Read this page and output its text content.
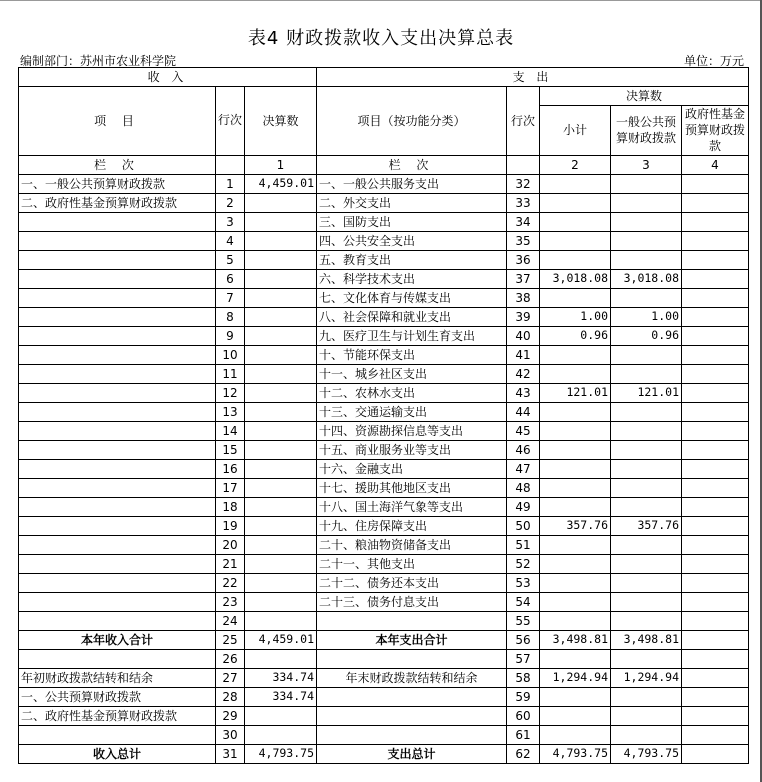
表4 财政拨款收入支出决算总表
编制部门：苏州市农业科学院	单位：万元
收 入			支 出				
项 目	行次	决算数	项目（按功能分类）	行次	决算数		
					小计	一般公共预算财政拨款	政府性基金预算财政拨款
栏 次		1	栏 次		2	3	4
一、一般公共预算财政拨款	1	4,459.01	一、一般公共服务支出	32			
二、政府性基金预算财政拨款	2		二、外交支出	33			
	3		三、国防支出	34			
	4		四、公共安全支出	35			
	5		五、教育支出	36			
	6		六、科学技术支出	37	3,018.08	3,018.08	
	7		七、文化体育与传媒支出	38			
	8		八、社会保障和就业支出	39	1.00	1.00	
	9		九、医疗卫生与计划生育支出	40	0.96	0.96	
	10		十、节能环保支出	41			
	11		十一、城乡社区支出	42			
	12		十二、农林水支出	43	121.01	121.01	
	13		十三、交通运输支出	44			
	14		十四、资源勘探信息等支出	45			
	15		十五、商业服务业等支出	46			
	16		十六、金融支出	47			
	17		十七、援助其他地区支出	48			
	18		十八、国土海洋气象等支出	49			
	19		十九、住房保障支出	50	357.76	357.76	
	20		二十、粮油物资储备支出	51			
	21		二十一、其他支出	52			
	22		二十二、债务还本支出	53			
	23		二十三、债务付息支出	54			
	24			55			
本年收入合计	25	4,459.01	本年支出合计	56	3,498.81	3,498.81	
	26			57			
年初财政拨款结转和结余	27	334.74	年末财政拨款结转和结余	58	1,294.94	1,294.94	
一、公共预算财政拨款	28	334.74		59			
二、政府性基金预算财政拨款	29			60			
	30			61			
收入总计	31	4,793.75	支出总计	62	4,793.75	4,793.75	
